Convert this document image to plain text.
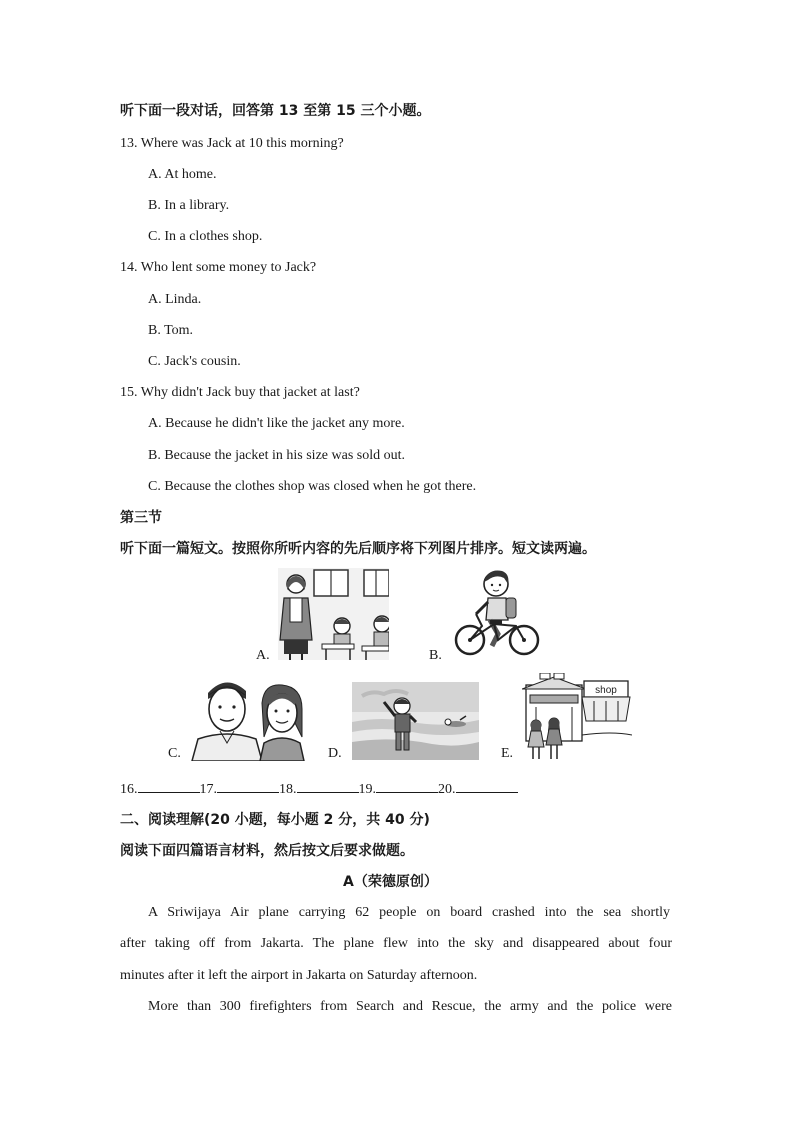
听下面一段对话，回答第 13 至第 15 三个小题。
13. Where was Jack at 10 this morning?
A. At home.
B. In a library.
C. In a clothes shop.
14. Who lent some money to Jack?
A. Linda.
B. Tom.
C. Jack's cousin.
15. Why didn't Jack buy that jacket at last?
A. Because he didn't like the jacket any more.
B. Because the jacket in his size was sold out.
C. Because the clothes shop was closed when he got there.
第三节
听下面一篇短文。按照你所听内容的先后顺序将下列图片排序。短文读两遍。
A.	B.
C.	D.	E.
shop
16.	17.	18.	19.	20.
二、阅读理解(20 小题，每小题 2 分，共 40 分)
阅读下面四篇语言材料，然后按文后要求做题。
A（荣德原创）
A Sriwijaya Air plane carrying 62 people on board crashed into the sea shortly
after taking off from Jakarta. The plane flew into the sky and disappeared about four
minutes after it left the airport in Jakarta on Saturday afternoon.
More than 300 firefighters from Search and Rescue, the army and the police were
